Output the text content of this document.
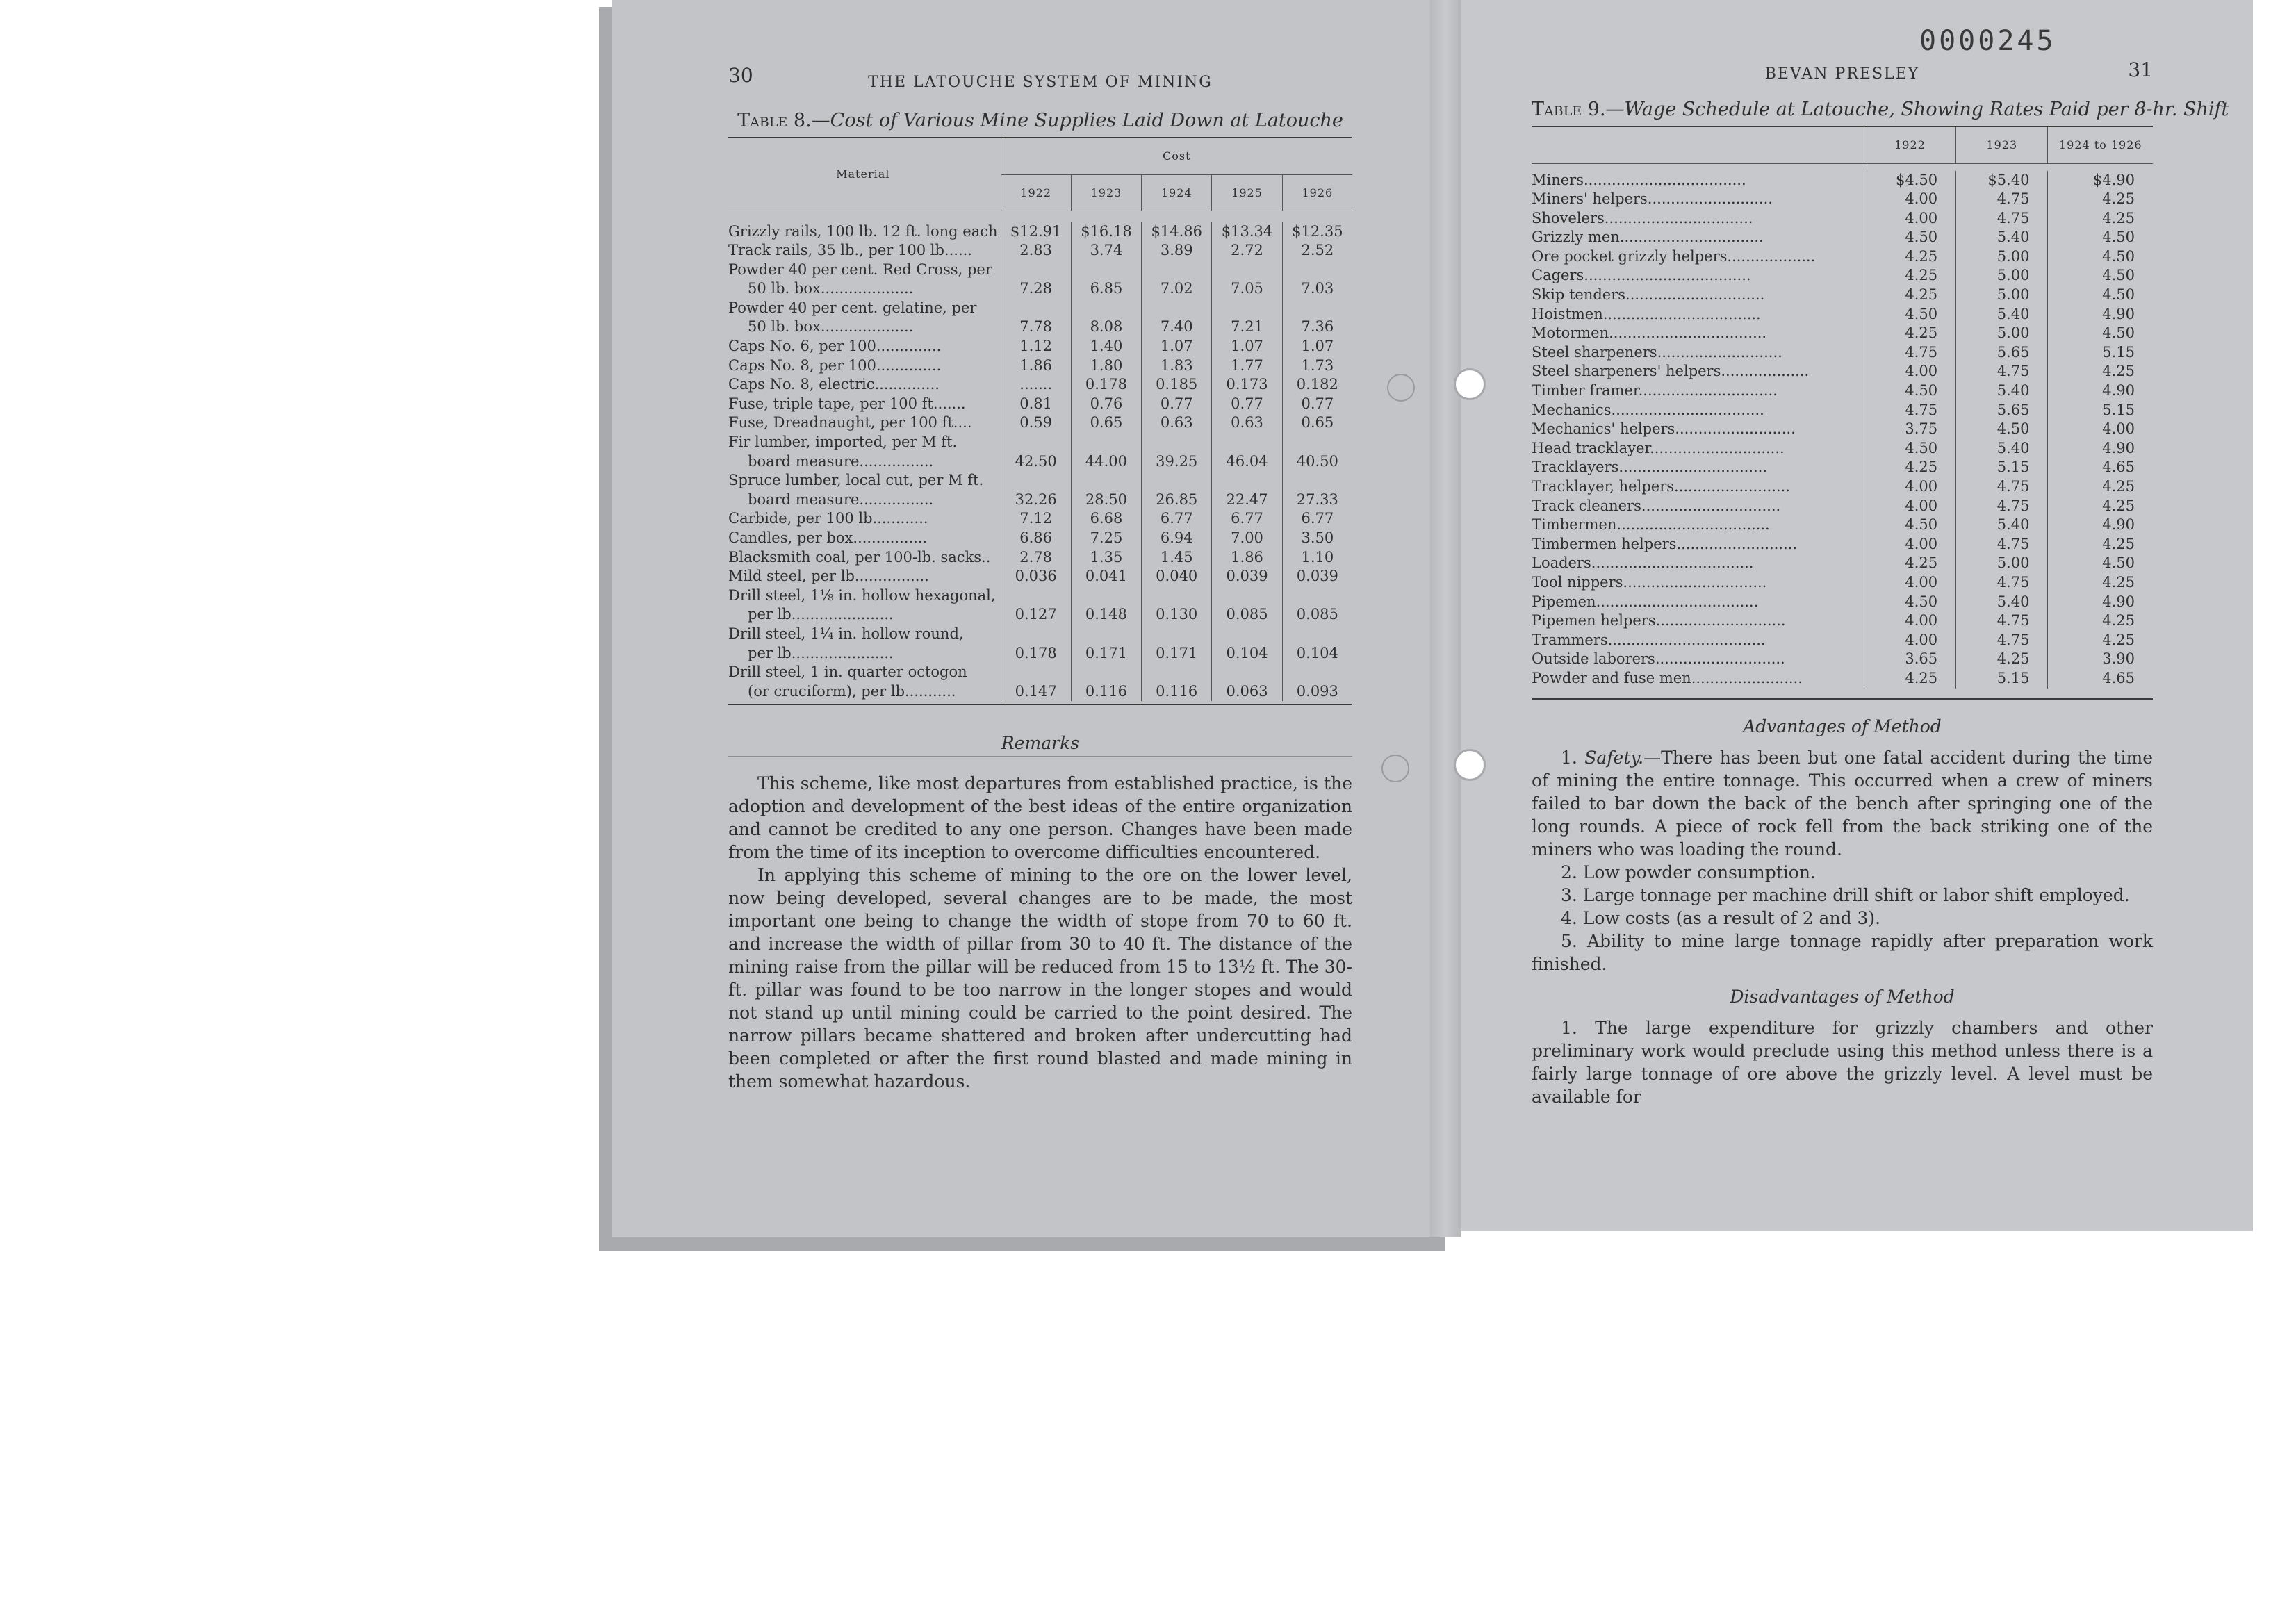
0000245
30	THE LATOUCHE SYSTEM OF MINING
Table 8.—Cost of Various Mine Supplies Laid Down at Latouche
Material	Cost				
	1922	1923	1924	1925	1926

Grizzly rails, 100 lb. 12 ft. long each	$12.91	$16.18	$14.86	$13.34	$12.35

Track rails, 35 lb., per 100 lb......	2.83	3.74	3.89	2.72	2.52

Powder 40 per cent. Red Cross, per
50 lb. box....................	7.28	6.85	7.02	7.05	7.03

Powder 40 per cent. gelatine, per
50 lb. box....................	7.78	8.08	7.40	7.21	7.36

Caps No. 6, per 100..............	1.12	1.40	1.07	1.07	1.07

Caps No. 8, per 100..............	1.86	1.80	1.83	1.77	1.73

Caps No. 8, electric..............	.......	0.178	0.185	0.173	0.182

Fuse, triple tape, per 100 ft.......	0.81	0.76	0.77	0.77	0.77

Fuse, Dreadnaught, per 100 ft....	0.59	0.65	0.63	0.63	0.65

Fir lumber, imported, per M ft.
board measure................	42.50	44.00	39.25	46.04	40.50

Spruce lumber, local cut, per M ft.
board measure................	32.26	28.50	26.85	22.47	27.33

Carbide, per 100 lb............	7.12	6.68	6.77	6.77	6.77

Candles, per box................	6.86	7.25	6.94	7.00	3.50

Blacksmith coal, per 100-lb. sacks..	2.78	1.35	1.45	1.86	1.10

Mild steel, per lb................	0.036	0.041	0.040	0.039	0.039

Drill steel, 1⅛ in. hollow hexagonal,
per lb......................	0.127	0.148	0.130	0.085	0.085

Drill steel, 1¼ in. hollow round,
per lb......................	0.178	0.171	0.171	0.104	0.104

Drill steel, 1 in. quarter octogon
(or cruciform), per lb...........	0.147	0.116	0.116	0.063	0.093
Remarks

This scheme, like most departures from established practice, is the adoption and development of the best ideas of the entire organization and cannot be credited to any one person. Changes have been made from the time of its inception to overcome difficulties encountered.

In applying this scheme of mining to the ore on the lower level, now being developed, several changes are to be made, the most important one being to change the width of stope from 70 to 60 ft. and increase the width of pillar from 30 to 40 ft. The distance of the mining raise from the pillar will be reduced from 15 to 13½ ft. The 30-ft. pillar was found to be too narrow in the longer stopes and would not stand up until mining could be carried to the point desired. The narrow pillars became shattered and broken after undercutting had been completed or after the first round blasted and made mining in them somewhat hazardous.

BEVAN PRESLEY	31
Table 9.—Wage Schedule at Latouche, Showing Rates Paid per 8-hr. Shift
	1922	1923	1924 to 1926

Miners...................................	$4.50	$5.40	$4.90
Miners' helpers...........................	4.00	4.75	4.25
Shovelers................................	4.00	4.75	4.25
Grizzly men...............................	4.50	5.40	4.50
Ore pocket grizzly helpers...................	4.25	5.00	4.50
Cagers....................................	4.25	5.00	4.50
Skip tenders..............................	4.25	5.00	4.50
Hoistmen..................................	4.50	5.40	4.90
Motormen..................................	4.25	5.00	4.50
Steel sharpeners...........................	4.75	5.65	5.15
Steel sharpeners' helpers...................	4.00	4.75	4.25
Timber framer..............................	4.50	5.40	4.90
Mechanics.................................	4.75	5.65	5.15
Mechanics' helpers..........................	3.75	4.50	4.00
Head tracklayer.............................	4.50	5.40	4.90
Tracklayers................................	4.25	5.15	4.65
Tracklayer, helpers.........................	4.00	4.75	4.25
Track cleaners..............................	4.00	4.75	4.25
Timbermen.................................	4.50	5.40	4.90
Timbermen helpers..........................	4.00	4.75	4.25
Loaders...................................	4.25	5.00	4.50
Tool nippers...............................	4.00	4.75	4.25
Pipemen...................................	4.50	5.40	4.90
Pipemen helpers............................	4.00	4.75	4.25
Trammers..................................	4.00	4.75	4.25
Outside laborers............................	3.65	4.25	3.90
Powder and fuse men........................	4.25	5.15	4.65
Advantages of Method

1. Safety.—There has been but one fatal accident during the time of mining the entire tonnage. This occurred when a crew of miners failed to bar down the back of the bench after springing one of the long rounds. A piece of rock fell from the back striking one of the miners who was loading the round.

2. Low powder consumption.

3. Large tonnage per machine drill shift or labor shift employed.

4. Low costs (as a result of 2 and 3).

5. Ability to mine large tonnage rapidly after preparation work finished.

Disadvantages of Method

1. The large expenditure for grizzly chambers and other preliminary work would preclude using this method unless there is a fairly large tonnage of ore above the grizzly level. A level must be available for
